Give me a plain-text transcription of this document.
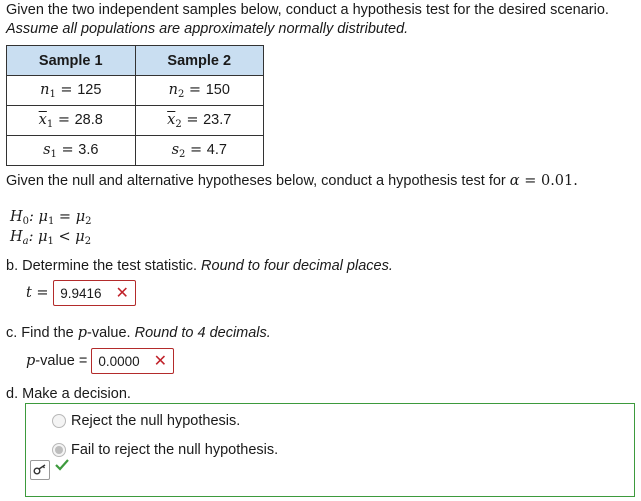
Given the two independent samples below, conduct a hypothesis test for the desired scenario. Assume all populations are approximately normally distributed.
Sample 1	Sample 2
$n_1 = 125$	$n_2 = 150$
$\overline{x}_1 = 28.8$	$\overline{x}_2 = 23.7$
$s_1 = 3.6$	$s_2 = 4.7$
Given the null and alternative hypotheses below, conduct a hypothesis test for α = 0.01.
$H_0$: $\mu_1 = \mu_2$
$H_a$: $\mu_1 < \mu_2$
b. Determine the test statistic. Round to four decimal places.
t = 9.9416 ✕
c. Find the p-value. Round to 4 decimals.
p -value = 0.0000 ✕
d. Make a decision.
Reject the null hypothesis.
Fail to reject the null hypothesis.
